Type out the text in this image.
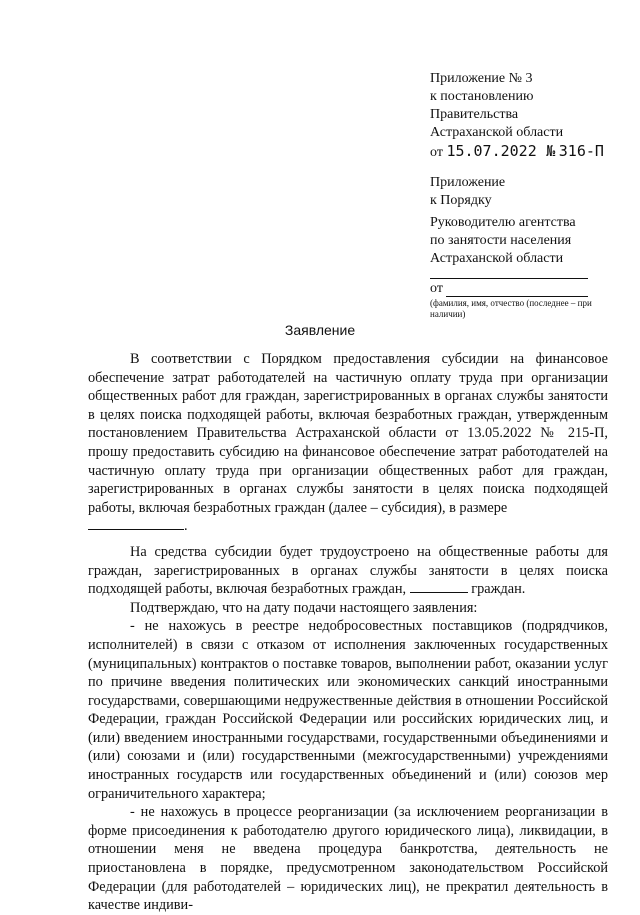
Приложение № 3
к постановлению
Правительства
Астраханской области
от 15.07.2022 № 316-П
Приложение
к Порядку
Руководителю агентства
по занятости населения
Астраханской области
от
(фамилия, имя, отчество (последнее – при наличии)
Заявление

В соответствии с Порядком предоставления субсидии на финансовое обеспечение затрат работодателей на частичную оплату труда при организации общественных работ для граждан, зарегистрированных в органах службы занятости в целях поиска подходящей работы, включая безработных граждан, утвержденным постановлением Правительства Астраханской области от 13.05.2022 № 215-П, прошу предоставить субсидию на финансовое обеспечение затрат работодателей на частичную оплату труда при организации общественных работ для граждан, зарегистрированных в органах службы занятости в целях поиска подходящей работы, включая безработных граждан (далее – субсидия), в размере

.

На средства субсидии будет трудоустроено на общественные работы для граждан, зарегистрированных в органах службы занятости в целях поиска подходящей работы, включая безработных граждан,	граждан.

Подтверждаю, что на дату подачи настоящего заявления:

- не нахожусь в реестре недобросовестных поставщиков (подрядчиков, исполнителей) в связи с отказом от исполнения заключенных государственных (муниципальных) контрактов о поставке товаров, выполнении работ, оказании услуг по причине введения политических или экономических санкций иностранными государствами, совершающими недружественные действия в отношении Российской Федерации, граждан Российской Федерации или российских юридических лиц, и (или) введением иностранными государствами, государственными объединениями и (или) союзами и (или) государственными (межгосударственными) учреждениями иностранных государств или государственных объединений и (или) союзов мер ограничительного характера;

- не нахожусь в процессе реорганизации (за исключением реорганизации в форме присоединения к работодателю другого юридического лица), ликвидации, в отношении меня не введена процедура банкротства, деятельность не приостановлена в порядке, предусмотренном законодательством Российской Федерации (для работодателей – юридических лиц), не прекратил деятельность в качестве индиви-
